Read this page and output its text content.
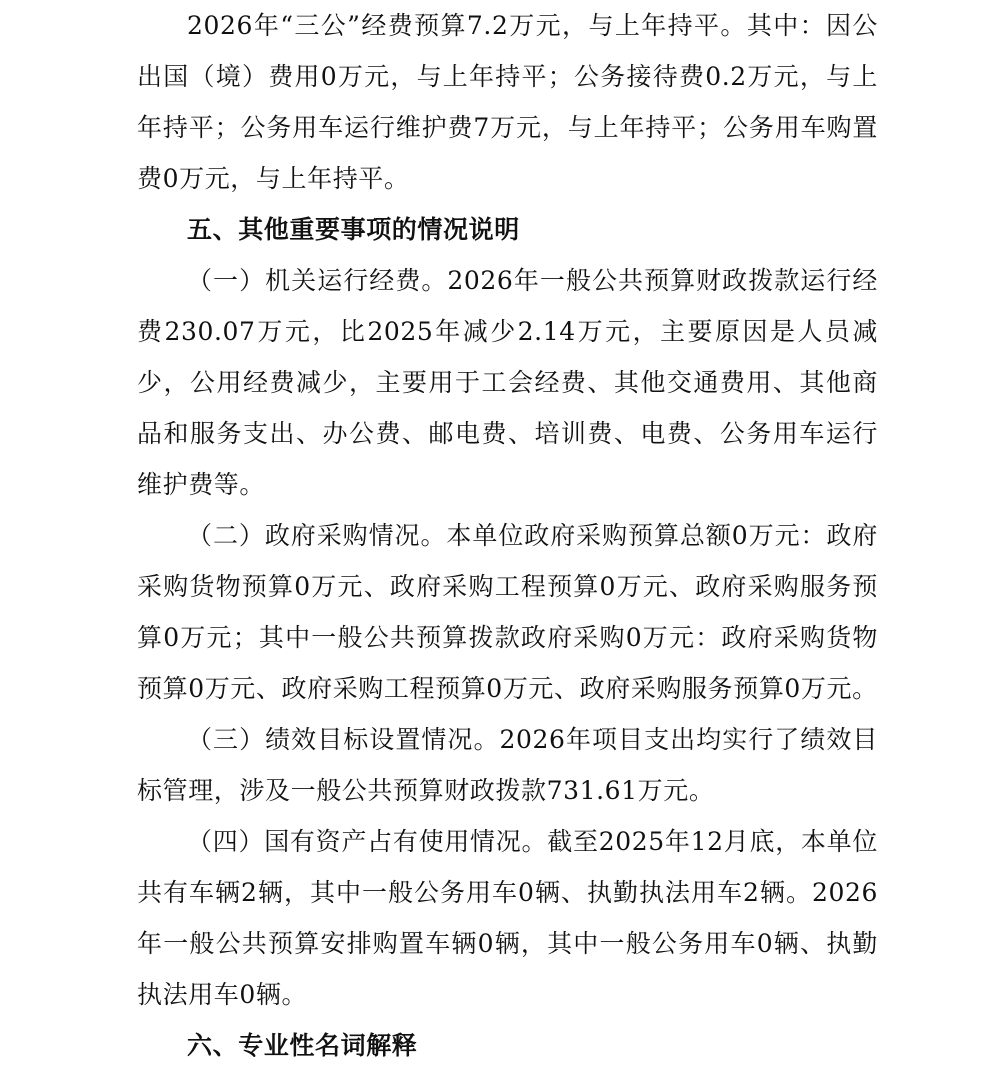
2026年“三公”经费预算7.2万元，与上年持平。其中：因公出国（境）费用0万元，与上年持平；公务接待费0.2万元，与上年持平；公务用车运行维护费7万元，与上年持平；公务用车购置费0万元，与上年持平。

五、其他重要事项的情况说明

（一）机关运行经费。2026年一般公共预算财政拨款运行经费230.07万元，比2025年减少2.14万元，主要原因是人员减少，公用经费减少，主要用于工会经费、其他交通费用、其他商品和服务支出、办公费、邮电费、培训费、电费、公务用车运行维护费等。

（二）政府采购情况。本单位政府采购预算总额0万元：政府采购货物预算0万元、政府采购工程预算0万元、政府采购服务预算0万元；其中一般公共预算拨款政府采购0万元：政府采购货物预算0万元、政府采购工程预算0万元、政府采购服务预算0万元。

（三）绩效目标设置情况。2026年项目支出均实行了绩效目标管理，涉及一般公共预算财政拨款731.61万元。

（四）国有资产占有使用情况。截至2025年12月底，本单位共有车辆2辆，其中一般公务用车0辆、执勤执法用车2辆。2026年一般公共预算安排购置车辆0辆，其中一般公务用车0辆、执勤执法用车0辆。

六、专业性名词解释
